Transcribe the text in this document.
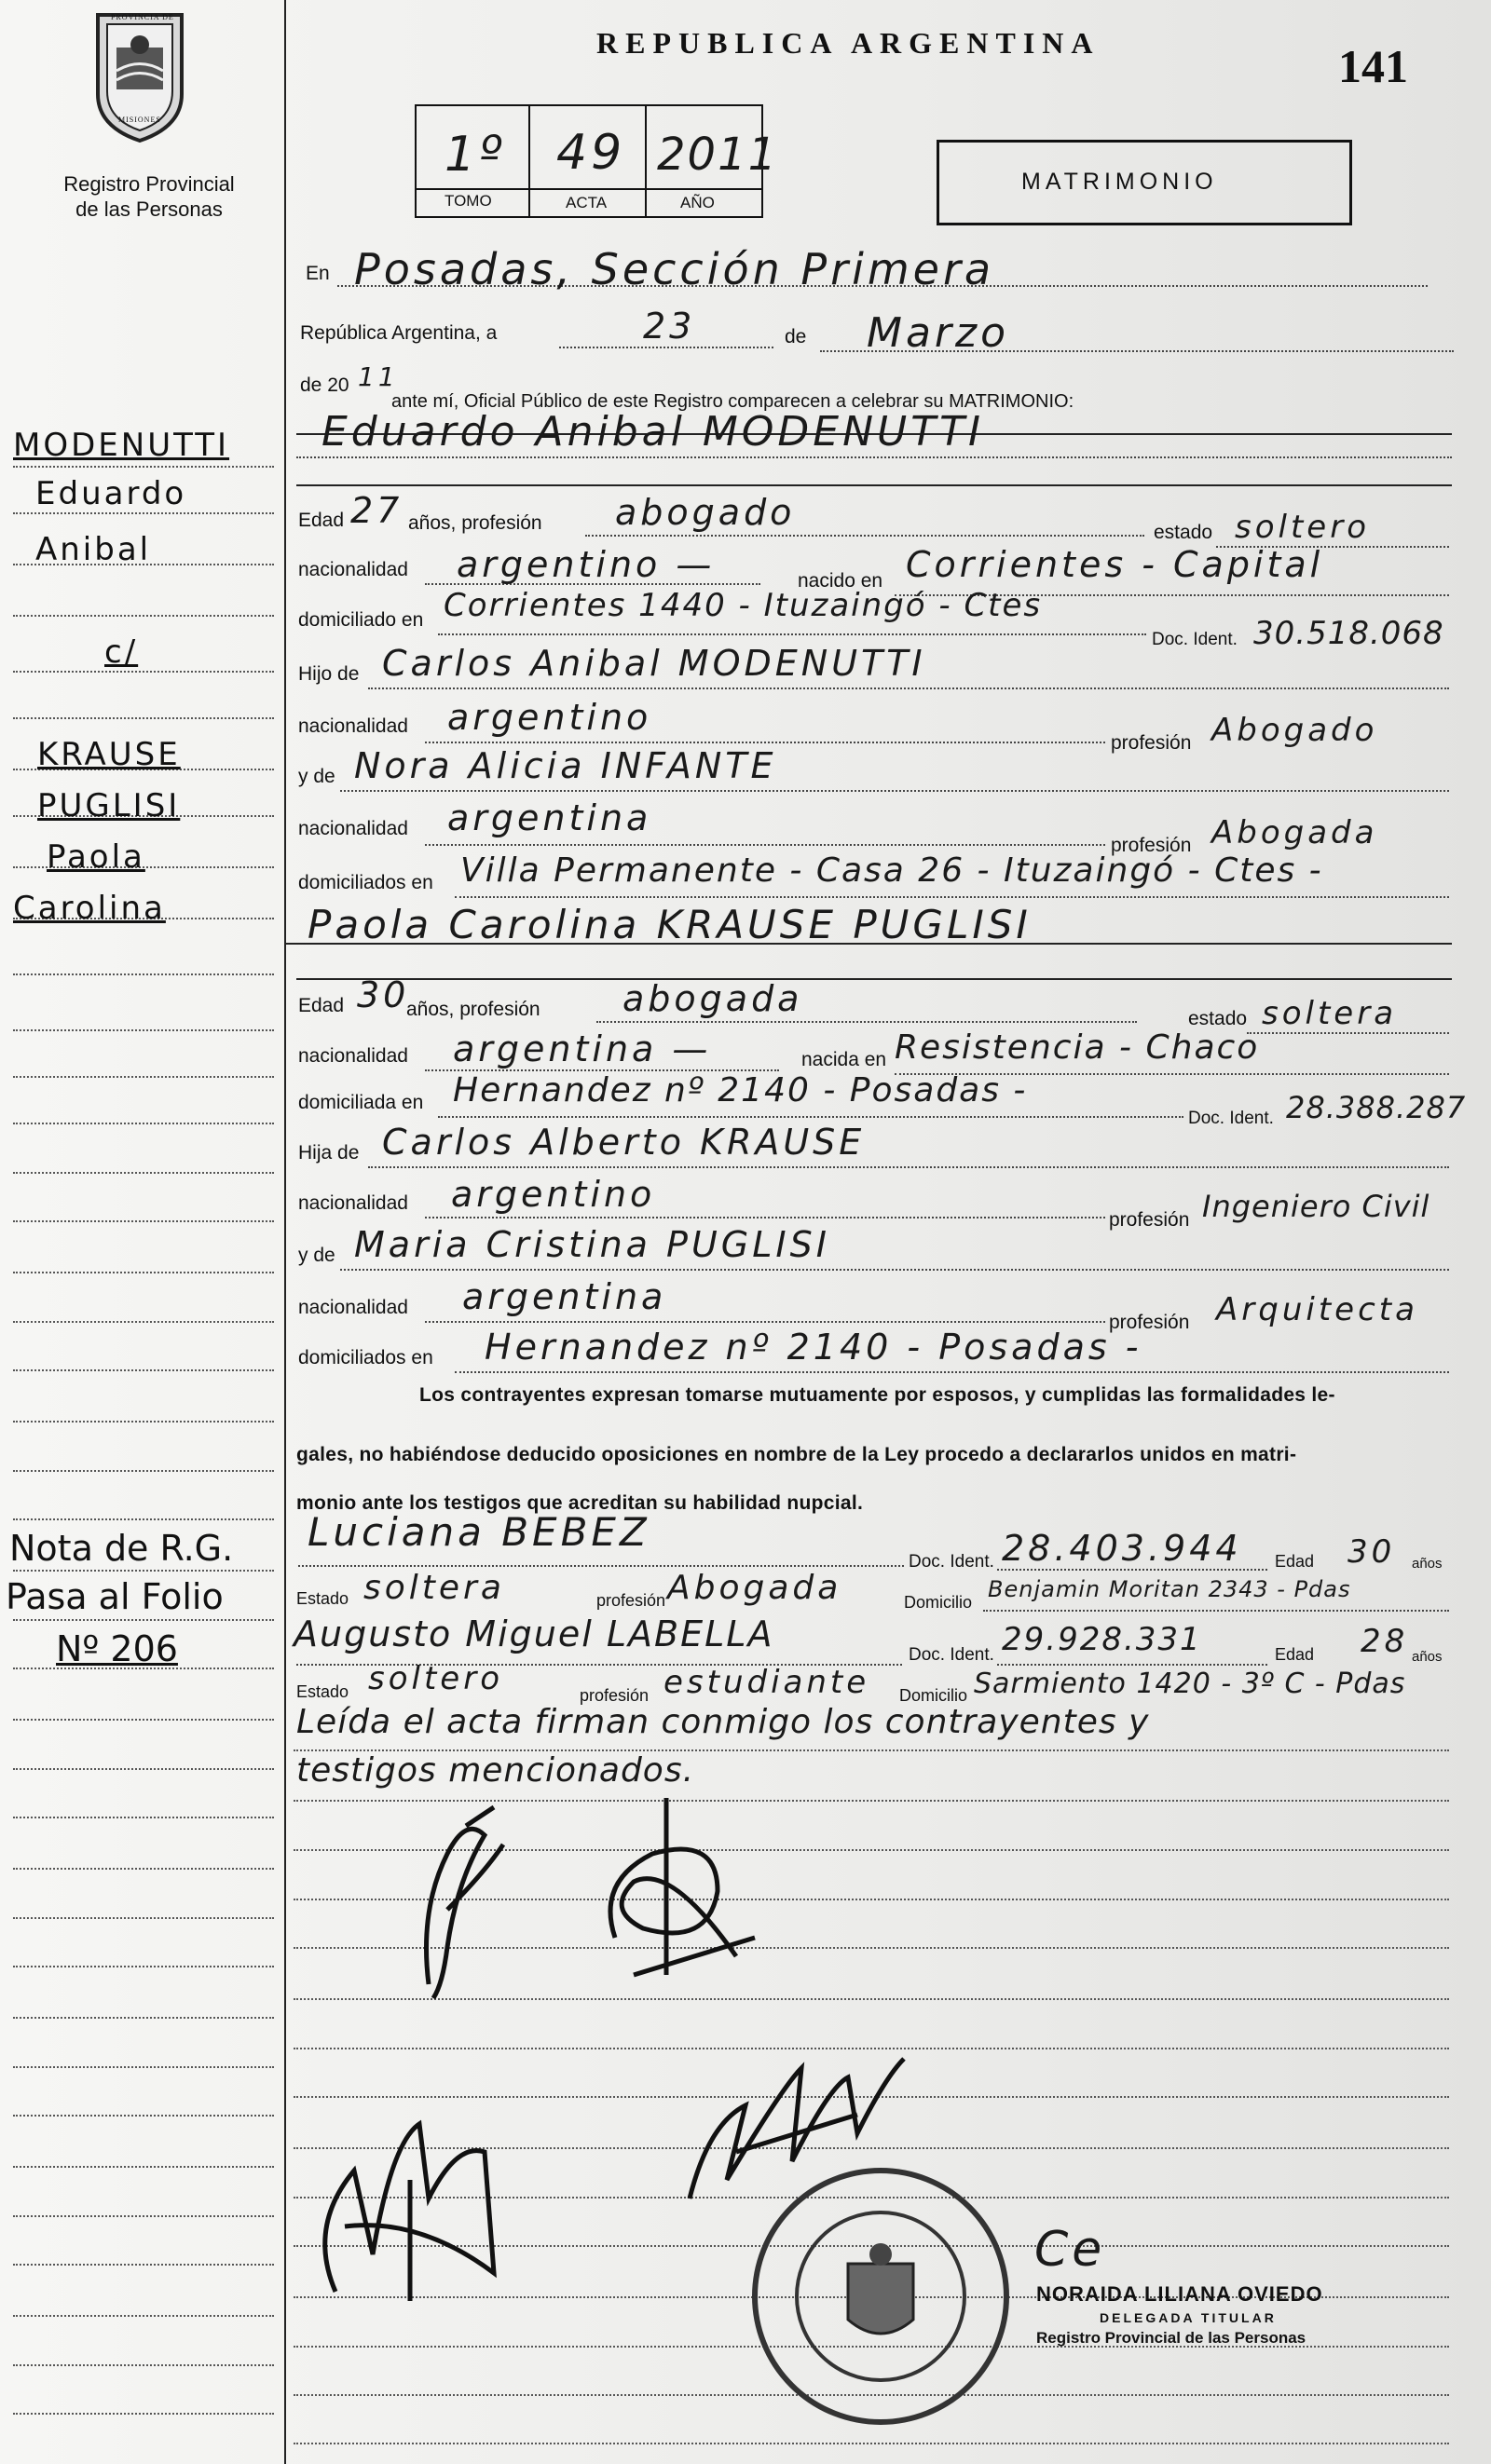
PROVINCIA DE
MISIONES
Registro Provincial
de las Personas
MODENUTTI
Eduardo
Anibal
c/
KRAUSE
PUGLISI
Paola
Carolina
Nota de R.G.
Pasa al Folio
Nº 206
REPUBLICA ARGENTINA	141
1º 49 2011
TOMO	ACTA	AÑO
MATRIMONIO
En Posadas, Sección Primera
República Argentina, a	23	de Marzo
de 20 11
ante mí, Oficial Público de este Registro comparecen a celebrar su MATRIMONIO:
Eduardo Anibal MODENUTTI
Edad 27 años, profesión abogado	estado soltero
nacionalidad argentino —	nacido en Corrientes - Capital
domiciliado en Corrientes 1440 - Ituzaingó - Ctes
Doc. Ident. 30.518.068
Hijo de Carlos Anibal MODENUTTI
nacionalidad argentino
profesión Abogado
y de Nora Alicia INFANTE
nacionalidad argentina
profesión Abogada
domiciliados en Villa Permanente - Casa 26 - Ituzaingó - Ctes -
Paola Carolina KRAUSE PUGLISI
Edad 30
años, profesión abogada	estado soltera
nacionalidad argentina —	nacida en Resistencia - Chaco
domiciliada en Hernandez nº 2140 - Posadas -
Doc. Ident. 28.388.287
Hija de Carlos Alberto KRAUSE
nacionalidad argentino
profesión Ingeniero Civil
y de Maria Cristina PUGLISI
nacionalidad argentina
profesión Arquitecta
domiciliados en Hernandez nº 2140 - Posadas -
Los contrayentes expresan tomarse mutuamente por esposos, y cumplidas las formalidades le-
gales, no habiéndose deducido oposiciones en nombre de la Ley procedo a declararlos unidos en matri-
monio ante los testigos que acreditan su habilidad nupcial.
Luciana BEBEZ
Doc. Ident. 28.403.944 Edad 30 años
Estado soltera	profesión Abogada	Domicilio Benjamin Moritan 2343 - Pdas
Augusto Miguel LABELLA
Doc. Ident. 29.928.331	Edad 28 años
Estado soltero	profesión estudiante Domicilio Sarmiento 1420 - 3º C - Pdas
Leída el acta firman conmigo los contrayentes y
testigos mencionados.
Ce
NORAIDA LILIANA OVIEDO
DELEGADA TITULAR
Registro Provincial de las Personas
